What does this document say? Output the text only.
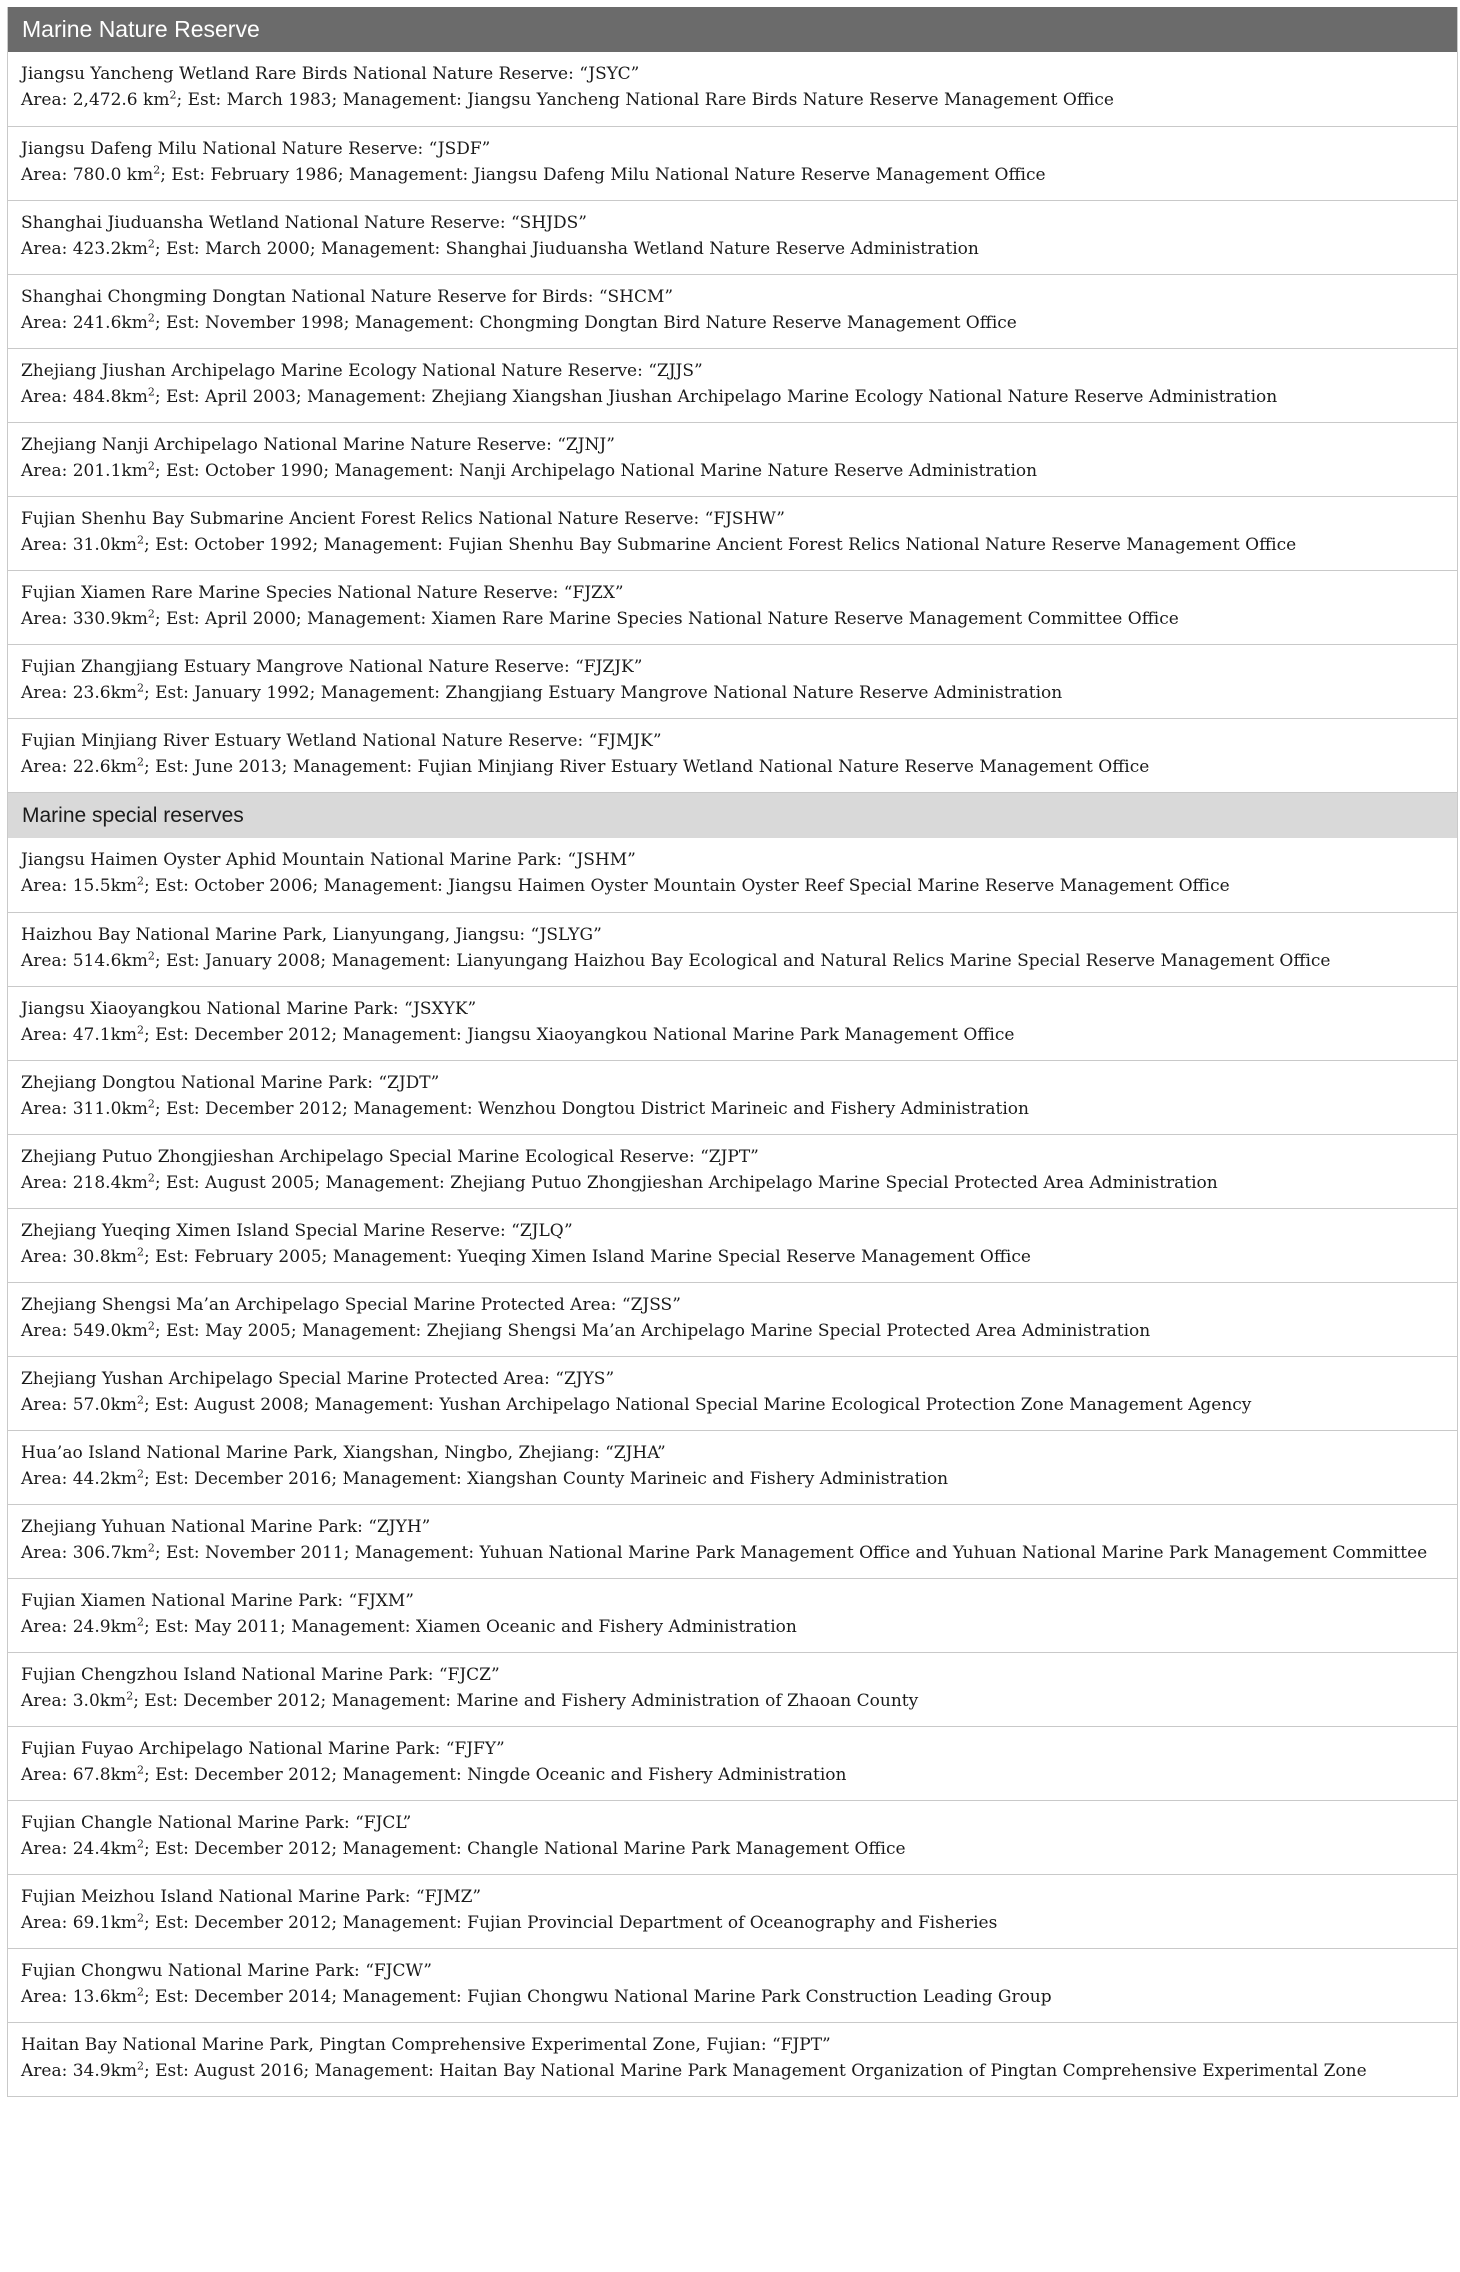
Marine Nature Reserve
Jiangsu Yancheng Wetland Rare Birds National Nature Reserve: “JSYC”
Area: 2,472.6 $km^2$; Est: March 1983; Management: Jiangsu Yancheng National Rare Birds Nature Reserve Management Office
Jiangsu Dafeng Milu National Nature Reserve: “JSDF”
Area: 780.0 $km^2$; Est: February 1986; Management: Jiangsu Dafeng Milu National Nature Reserve Management Office
Shanghai Jiuduansha Wetland National Nature Reserve: “SHJDS”
Area: $423.2km^2$; Est: March 2000; Management: Shanghai Jiuduansha Wetland Nature Reserve Administration
Shanghai Chongming Dongtan National Nature Reserve for Birds: “SHCM”
Area: $241.6km^2$; Est: November 1998; Management: Chongming Dongtan Bird Nature Reserve Management Office
Zhejiang Jiushan Archipelago Marine Ecology National Nature Reserve: “ZJJS”
Area: $484.8km^2$; Est: April 2003; Management: Zhejiang Xiangshan Jiushan Archipelago Marine Ecology National Nature Reserve Administration
Zhejiang Nanji Archipelago National Marine Nature Reserve: “ZJNJ”
Area: $201.1km^2$; Est: October 1990; Management: Nanji Archipelago National Marine Nature Reserve Administration
Fujian Shenhu Bay Submarine Ancient Forest Relics National Nature Reserve: “FJSHW”
Area: $31.0km^2$; Est: October 1992; Management: Fujian Shenhu Bay Submarine Ancient Forest Relics National Nature Reserve Management Office
Fujian Xiamen Rare Marine Species National Nature Reserve: “FJZX”
Area: $330.9km^2$; Est: April 2000; Management: Xiamen Rare Marine Species National Nature Reserve Management Committee Office
Fujian Zhangjiang Estuary Mangrove National Nature Reserve: “FJZJK”
Area: $23.6km^2$; Est: January 1992; Management: Zhangjiang Estuary Mangrove National Nature Reserve Administration
Fujian Minjiang River Estuary Wetland National Nature Reserve: “FJMJK”
Area: $22.6km^2$; Est: June 2013; Management: Fujian Minjiang River Estuary Wetland National Nature Reserve Management Office
Marine special reserves
Jiangsu Haimen Oyster Aphid Mountain National Marine Park: “JSHM”
Area: $15.5km^2$; Est: October 2006; Management: Jiangsu Haimen Oyster Mountain Oyster Reef Special Marine Reserve Management Office
Haizhou Bay National Marine Park, Lianyungang, Jiangsu: “JSLYG”
Area: $514.6km^2$; Est: January 2008; Management: Lianyungang Haizhou Bay Ecological and Natural Relics Marine Special Reserve Management Office
Jiangsu Xiaoyangkou National Marine Park: “JSXYK”
Area: $47.1km^2$; Est: December 2012; Management: Jiangsu Xiaoyangkou National Marine Park Management Office
Zhejiang Dongtou National Marine Park: “ZJDT”
Area: $311.0km^2$; Est: December 2012; Management: Wenzhou Dongtou District Marineic and Fishery Administration
Zhejiang Putuo Zhongjieshan Archipelago Special Marine Ecological Reserve: “ZJPT”
Area: $218.4km^2$; Est: August 2005; Management: Zhejiang Putuo Zhongjieshan Archipelago Marine Special Protected Area Administration
Zhejiang Yueqing Ximen Island Special Marine Reserve: “ZJLQ”
Area: $30.8km^2$; Est: February 2005; Management: Yueqing Ximen Island Marine Special Reserve Management Office
Zhejiang Shengsi Ma’an Archipelago Special Marine Protected Area: “ZJSS”
Area: $549.0km^2$; Est: May 2005; Management: Zhejiang Shengsi Ma’an Archipelago Marine Special Protected Area Administration
Zhejiang Yushan Archipelago Special Marine Protected Area: “ZJYS”
Area: $57.0km^2$; Est: August 2008; Management: Yushan Archipelago National Special Marine Ecological Protection Zone Management Agency
Hua’ao Island National Marine Park, Xiangshan, Ningbo, Zhejiang: “ZJHA”
Area: $44.2km^2$; Est: December 2016; Management: Xiangshan County Marineic and Fishery Administration
Zhejiang Yuhuan National Marine Park: “ZJYH”
Area: $306.7km^2$; Est: November 2011; Management: Yuhuan National Marine Park Management Office and Yuhuan National Marine Park Management Committee
Fujian Xiamen National Marine Park: “FJXM”
Area: $24.9km^2$; Est: May 2011; Management: Xiamen Oceanic and Fishery Administration
Fujian Chengzhou Island National Marine Park: “FJCZ”
Area: $3.0km^2$; Est: December 2012; Management: Marine and Fishery Administration of Zhaoan County
Fujian Fuyao Archipelago National Marine Park: “FJFY”
Area: $67.8km^2$; Est: December 2012; Management: Ningde Oceanic and Fishery Administration
Fujian Changle National Marine Park: “FJCL”
Area: $24.4km^2$; Est: December 2012; Management: Changle National Marine Park Management Office
Fujian Meizhou Island National Marine Park: “FJMZ”
Area: $69.1km^2$; Est: December 2012; Management: Fujian Provincial Department of Oceanography and Fisheries
Fujian Chongwu National Marine Park: “FJCW”
Area: $13.6km^2$; Est: December 2014; Management: Fujian Chongwu National Marine Park Construction Leading Group
Haitan Bay National Marine Park, Pingtan Comprehensive Experimental Zone, Fujian: “FJPT”
Area: $34.9km^2$; Est: August 2016; Management: Haitan Bay National Marine Park Management Organization of Pingtan Comprehensive Experimental Zone
